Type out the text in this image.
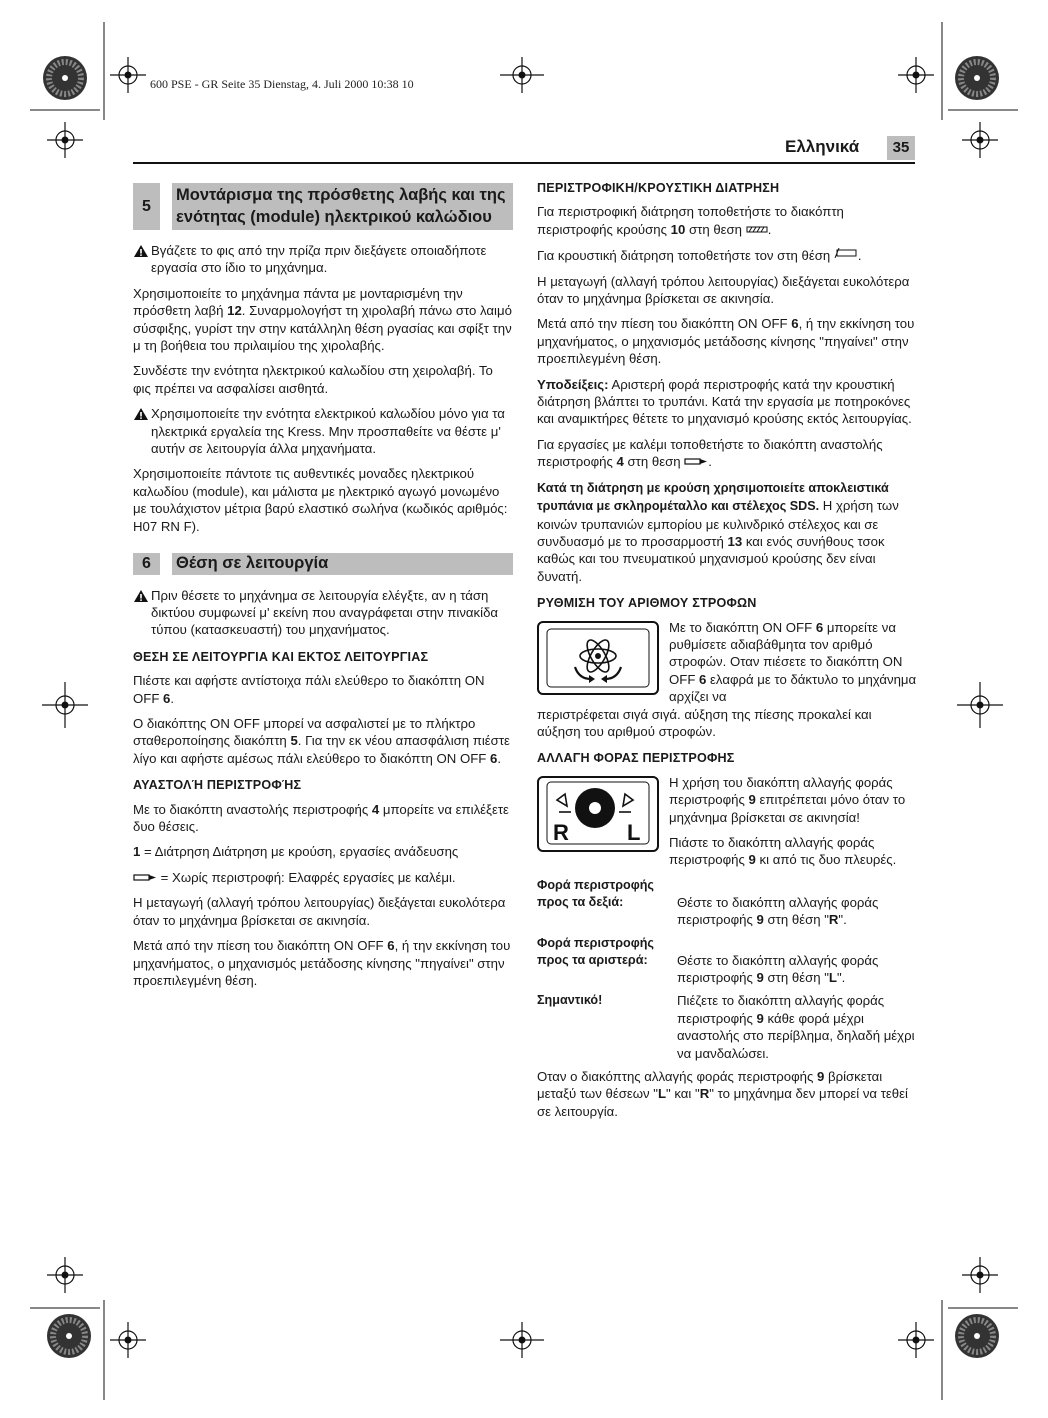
600 PSE - GR Seite 35 Dienstag, 4. Juli 2000 10:38 10
Ελληνικά	35
5
Μοντάρισμα της πρόσθετης λαβής και της ενότητας (module) ηλεκτρικού καλώδιου

Βγάζετε το φις από την πρίζα πριν διεξάγετε οποιαδήποτε εργασία στο ίδιο το μηχάνημα.

Χρησιμοποιείτε το μηχάνημα πάντα με μονταρισμένη την πρόσθετη λαβή 12. Συναρμολογήστ τη χιρολαβή πάνω στο λαιμό σύσφιξης, γυρίστ την στην κατάλληλη θέση ργασίας και σφίξτ την μ τη βοήθεια του πριλαιμίου της χιρολαβής.

Συνδέστε την ενότητα ηλεκτρικού καλωδίου στη χειρολαβή. Το φις πρέπει να ασφαλίσει αισθητά.

Χρησιμοποιείτε την ενότητα ελεκτρικού καλωδίου μόνο για τα ηλεκτρικά εργαλεία της Kress. Μην προσπαθείτε να θέστε μ' αυτήν σε λειτουργία άλλα μηχανήματα.

Χρησιμοποιείτε πάντοτε τις αυθεντικές μοναδες ηλεκτρικού καλωδίου (module), και μάλιστα με ηλεκτρικό αγωγό μονωμένο με τουλάχιστον μέτρια βαρύ ελαστικό σωλήνα (κωδικός αριθμός: H07 RN F).

6	Θέση σε λειτουργία

Πριν θέσετε το μηχάνημα σε λειτουργία ελέγξτε, αν η τάση δικτύου συμφωνεί μ' εκείνη που αναγράφεται στην πινακίδα τύπου (κατασκευαστή) του μηχανήματος.

ΘΕΣΗ ΣΕ ΛΕΙΤΟΥΡΓΙΑ ΚΑΙ ΕΚΤΟΣ ΛΕΙΤΟΥΡΓΙΑΣ

Πιέστε και αφήστε αντίστοιχα πάλι ελεύθερο το διακόπτη ON OFF 6.

Ο διακόπτης ON OFF μπορεί να ασφαλιστεί με το πλήκτρο σταθεροποίησης διακόπτη 5. Για την εκ νέου απασφάλιση πιέστε λίγο και αφήστε αμέσως πάλι ελεύθερο το διακόπτη ON OFF 6.

ΑΥΑΣΤΟΛΉ ΠΕΡΙΣΤΡΟΦΉΣ

Με το διακόπτη αναστολής περιστροφής 4 μπορείτε να επιλέξετε δυο θέσεις.

1 = Διάτρηση Διάτρηση με κρούση, εργασίες ανάδευσης

= Χωρίς περιστροφή: Ελαφρές εργασίες με καλέμι.

Η μεταγωγή (αλλαγή τρόπου λειτουργίας) διεξάγεται ευκολότερα όταν το μηχάνημα βρίσκεται σε ακινησία.

Μετά από την πίεση του διακόπτη ON OFF 6, ή την εκκίνηση του μηχανήματος, ο μηχανισμός μετάδοσης κίνησης "πηγαίνει" στην προεπιλεγμένη θέση.

ΠΕΡΙΣΤΡΟΦΙΚΗ/ΚΡΟΥΣΤΙΚΗ ΔΙΑΤΡΗΣΗ

Για περιστροφική διάτρηση τοποθετήστε το διακόπτη περιστροφής κρούσης 10 στη θεση .

Για κρουστική διάτρηση τοποθετήστε τον στη θέση .

Η μεταγωγή (αλλαγή τρόπου λειτουργίας) διεξάγεται ευκολότερα όταν το μηχάνημα βρίσκεται σε ακινησία.

Μετά από την πίεση του διακόπτη ON OFF 6, ή την εκκίνηση του μηχανήματος, ο μηχανισμός μετάδοσης κίνησης "πηγαίνει" στην προεπιλεγμένη θέση.

Υποδείξεις: Αριστερή φορά περιστροφής κατά την κρουστική διάτρηση βλάπτει το τρυπάνι. Κατά την εργασία με ποτηροκόνες και αναμικτήρες θέτετε το μηχανισμό κρούσης εκτός λειτουργίας.

Για εργασίες με καλέμι τοποθετήστε το διακόπτη αναστολής περιστροφής 4 στη θεση .

Κατά τη διάτρηση με κρούση χρησιμοποιείτε αποκλειστικά τρυπάνια με σκληρομέταλλο και στέλεχος SDS. Η χρήση των κοινών τρυπανιών εμπορίου με κυλινδρικό στέλεχος και σε συνδυασμό με το προσαρμοστή 13 και ενός συνήθους τσοκ καθώς και του πνευματικού μηχανισμού κρούσης δεν είναι δυνατή.

ΡΥΘΜΙΣΗ ΤΟΥ ΑΡΙΘΜΟΥ ΣΤΡΟΦΩΝ
Με το διακόπτη ON OFF 6 μπορείτε να ρυθμίσετε αδιαβάθμητα τον αριθμό στροφών. Οταν πιέσετε το διακόπτη ON OFF 6 ελαφρά με το δάκτυλο το μηχάνημα αρχίζει να

περιστρέφεται σιγά σιγά. αύξηση της πίεσης προκαλεί και αύξηση του αριθμού στροφών.

ΑΛΛΑΓΗ ΦΟΡΑΣ ΠΕΡΙΣΤΡΟΦΗΣ
R	L

Η χρήση του διακόπτη αλλαγής φοράς περιστροφής 9 επιτρέπεται μόνο όταν το μηχάνημα βρίσκεται σε ακινησία!

Πιάστε το διακόπτη αλλαγής φοράς περιστροφής 9 κι από τις δυο πλευρές.

Φορά περιστροφής προς τα δεξιά:	Θέστε το διακόπτη αλλαγής φοράς περιστροφής 9 στη θέση "R".
Φορά περιστροφής προς τα αριστερά:	Θέστε το διακόπτη αλλαγής φοράς περιστροφής 9 στη θέση "L".
Σημαντικό!	Πιέζετε το διακόπτη αλλαγής φοράς περιστροφής 9 κάθε φορά μέχρι αναστολής στο περίβλημα, δηλαδή μέχρι να μανδαλώσει.

Οταν ο διακόπτης αλλαγής φοράς περιστροφής 9 βρίσκεται μεταξύ των θέσεων "L" και "R" το μηχάνημα δεν μπορεί να τεθεί σε λειτουργία.
